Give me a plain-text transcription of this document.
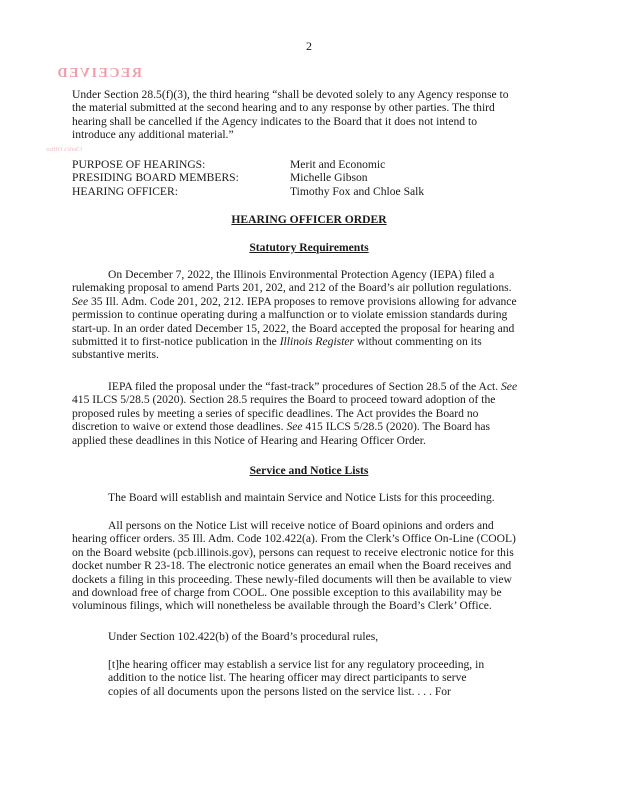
2
RECEIVED
Clerk's Office
Under Section 28.5(f)(3), the third hearing “shall be devoted solely to any Agency response to
the material submitted at the second hearing and to any response by other parties. The third
hearing shall be cancelled if the Agency indicates to the Board that it does not intend to
introduce any additional material.”
PURPOSE OF HEARINGS:	Merit and Economic
PRESIDING BOARD MEMBERS:	Michelle Gibson
HEARING OFFICER:	Timothy Fox and Chloe Salk
HEARING OFFICER ORDER
Statutory Requirements
On December 7, 2022, the Illinois Environmental Protection Agency (IEPA) filed a
rulemaking proposal to amend Parts 201, 202, and 212 of the Board’s air pollution regulations.
See 35 Ill. Adm. Code 201, 202, 212. IEPA proposes to remove provisions allowing for advance
permission to continue operating during a malfunction or to violate emission standards during
start-up. In an order dated December 15, 2022, the Board accepted the proposal for hearing and
submitted it to first-notice publication in the Illinois Register without commenting on its
substantive merits.
IEPA filed the proposal under the “fast-track” procedures of Section 28.5 of the Act. See
415 ILCS 5/28.5 (2020). Section 28.5 requires the Board to proceed toward adoption of the
proposed rules by meeting a series of specific deadlines. The Act provides the Board no
discretion to waive or extend those deadlines. See 415 ILCS 5/28.5 (2020). The Board has
applied these deadlines in this Notice of Hearing and Hearing Officer Order.
Service and Notice Lists
The Board will establish and maintain Service and Notice Lists for this proceeding.
All persons on the Notice List will receive notice of Board opinions and orders and
hearing officer orders. 35 Ill. Adm. Code 102.422(a). From the Clerk’s Office On-Line (COOL)
on the Board website (pcb.illinois.gov), persons can request to receive electronic notice for this
docket number R 23-18. The electronic notice generates an email when the Board receives and
dockets a filing in this proceeding. These newly-filed documents will then be available to view
and download free of charge from COOL. One possible exception to this availability may be
voluminous filings, which will nonetheless be available through the Board’s Clerk’ Office.
Under Section 102.422(b) of the Board’s procedural rules,
[t]he hearing officer may establish a service list for any regulatory proceeding, in
addition to the notice list. The hearing officer may direct participants to serve
copies of all documents upon the persons listed on the service list. . . . For
